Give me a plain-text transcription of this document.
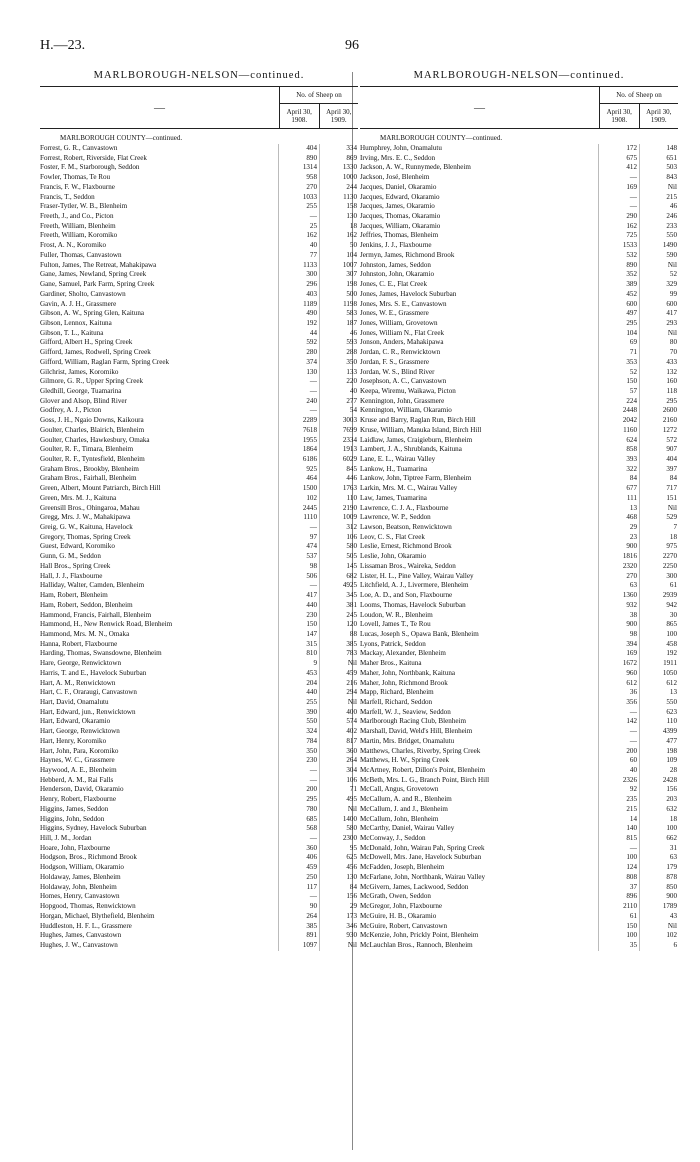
H.—23.	96
MARLBOROUGH-NELSON—continued.
—
No. of Sheep on
April 30, 1908.
April 30, 1909.
MARLBOROUGH COUNTY—continued.
Forrest, G. R., Canvastown	404	334
Forrest, Robert, Riverside, Flat Creek	890	869
Foster, F. M., Starborough, Seddon	1314	1330
Fowler, Thomas, Te Rou	958	1000
Francis, F. W., Flaxbourne	270	244
Francis, T., Seddon	1033	1130
Fraser-Tytler, W. B., Blenheim	255	158
Freeth, J., and Co., Picton	—	130
Freeth, William, Blenheim	25	18
Freeth, William, Koromiko	162	162
Frost, A. N., Koromiko	40	50
Fuller, Thomas, Canvastown	77	104
Fulton, James, The Retreat, Mahakipawa	1133	1007
Gane, James, Newland, Spring Creek	300	307
Gane, Samuel, Park Farm, Spring Creek	296	198
Gardiner, Sholto, Canvastown	403	500
Gavin, A. J. H., Grassmere	1189	1198
Gibson, A. W., Spring Glen, Kaituna	490	583
Gibson, Lennox, Kaituna	192	187
Gibson, T. L., Kaituna	44	46
Gifford, Albert H., Spring Creek	592	593
Gifford, James, Rodwell, Spring Creek	280	288
Gifford, William, Raglan Farm, Spring Creek	374	350
Gilchrist, James, Koromiko	130	133
Gilmore, G. R., Upper Spring Creek	—	220
Gledhill, George, Tuamarina	—	40
Glover and Alsop, Blind River	240	277
Godfrey, A. J., Picton	—	54
Goss, J. H., Ngaio Downs, Kaikoura	2289	3003
Goulter, Charles, Blairich, Blenheim	7618	7699
Goulter, Charles, Hawkesbury, Omaka	1955	2334
Goulter, R. F., Timara, Blenheim	1864	1913
Goulter, R. F., Tyntesfield, Blenheim	6186	6029
Graham Bros., Brookby, Blenheim	925	845
Graham Bros., Fairhall, Blenheim	464	446
Green, Albert, Mount Patriarch, Birch Hill	1500	1763
Green, Mrs. M. J., Kaituna	102	110
Greensill Bros., Ohingaroa, Mahau	2445	2190
Gregg, Mrs. J. W., Mahakipawa	1110	1009
Greig, G. W., Kaituna, Havelock	—	312
Gregory, Thomas, Spring Creek	97	106
Guest, Edward, Koromiko	474	580
Gunn, G. M., Seddon	537	505
Hall Bros., Spring Creek	98	145
Hall, J. J., Flaxbourne	506	682
Halliday, Walter, Camden, Blenheim	—	4925
Ham, Robert, Blenheim	417	345
Ham, Robert, Seddon, Blenheim	440	381
Hammond, Francis, Fairhall, Blenheim	230	245
Hammond, H., New Renwick Road, Blenheim	150	120
Hammond, Mrs. M. N., Omaka	147	88
Hanna, Robert, Flaxbourne	315	385
Harding, Thomas, Swansdowne, Blenheim	810	783
Hare, George, Renwicktown	9	Nil
Harris, T. and E., Havelock Suburban	453	459
Hart, A. M., Renwicktown	204	216
Hart, C. F., Oraraugi, Canvastown	440	294
Hart, David, Onamalutu	255	Nil
Hart, Edward, jun., Renwicktown	390	400
Hart, Edward, Okaramio	550	574
Hart, George, Renwicktown	324	402
Hart, Henry, Koromiko	784	817
Hart, John, Para, Koromiko	350	360
Haynes, W. C., Grassmere	230	264
Haywood, A. E., Blenheim	—	304
Hebberd, A. M., Rai Falls	—	106
Henderson, David, Okaramio	200	71
Henry, Robert, Flaxbourne	295	495
Higgins, James, Seddon	780	Nil
Higgins, John, Seddon	685	1400
Higgins, Sydney, Havelock Suburban	568	580
Hill, J. M., Jordan	—	2300
Hoare, John, Flaxbourne	360	95
Hodgson, Bros., Richmond Brook	406	625
Hodgson, William, Okaramio	459	456
Holdaway, James, Blenheim	250	130
Holdaway, John, Blenheim	117	84
Homes, Henry, Canvastown	—	156
Hopgood, Thomas, Renwicktown	90	29
Horgan, Michael, Blythefield, Blenheim	264	173
Huddleston, H. F. L., Grassmere	385	346
Hughes, James, Canvastown	891	930
Hughes, J. W., Canvastown	1097	Nil
MARLBOROUGH-NELSON—continued.
—
No. of Sheep on
April 30, 1908.
April 30, 1909.
MARLBOROUGH COUNTY—continued.
Humphrey, John, Onamalutu	172	148
Irving, Mrs. E. C., Seddon	675	651
Jackson, A. W., Runnymede, Blenheim	412	503
Jackson, José, Blenheim	—	843
Jacques, Daniel, Okaramio	169	Nil
Jacques, Edward, Okaramio	—	215
Jacques, James, Okaramio	—	46
Jacques, Thomas, Okaramio	290	246
Jacques, William, Okaramio	162	233
Jeffries, Thomas, Blenheim	725	550
Jenkins, J. J., Flaxbourne	1533	1490
Jermyn, James, Richmond Brook	532	590
Johnston, James, Seddon	890	Nil
Johnston, John, Okaramio	352	52
Jones, C. E., Flat Creek	389	329
Jones, James, Havelock Suburban	452	99
Jones, Mrs. S. E., Canvastown	600	600
Jones, W. E., Grassmere	497	417
Jones, William, Grovetown	295	293
Jones, William N., Flat Creek	104	Nil
Jonson, Anders, Mahakipawa	69	80
Jordan, C. R., Renwicktown	71	70
Jordan, F. S., Grassmere	353	433
Jordan, W. S., Blind River	52	132
Josephson, A. C., Canvastown	150	160
Keepa, Wiremu, Waikawa, Picton	57	118
Kennington, John, Grassmere	224	295
Kennington, William, Okaramio	2448	2600
Kruse and Barry, Raglan Run, Birch Hill	2042	2160
Kruse, William, Manuka Island, Birch Hill	1160	1272
Laidlaw, James, Craigieburn, Blenheim	624	572
Lambert, J. A., Shrublands, Kaituna	858	907
Lane, E. L., Wairau Valley	393	404
Lankow, H., Tuamarina	322	397
Lankow, John, Tiptree Farm, Blenheim	84	84
Larkin, Mrs. M. C., Wairau Valley	677	717
Law, James, Tuamarina	111	151
Lawrence, C. J. A., Flaxbourne	13	Nil
Lawrence, W. P., Seddon	468	529
Lawson, Beatson, Renwicktown	29	7
Leov, C. S., Flat Creek	23	18
Leslie, Ernest, Richmond Brook	900	975
Leslie, John, Okaramio	1816	2270
Lissaman Bros., Waireka, Seddon	2320	2250
Lister, H. L., Pine Valley, Wairau Valley	270	300
Litchfield, A. J., Livermere, Blenheim	63	61
Loe, A. D., and Son, Flaxbourne	1360	2939
Looms, Thomas, Havelock Suburban	932	942
Loudon, W. R., Blenheim	38	30
Lovell, James T., Te Rou	900	865
Lucas, Joseph S., Opawa Bank, Blenheim	98	100
Lyons, Patrick, Seddon	394	458
Mackay, Alexander, Blenheim	169	192
Maher Bros., Kaituna	1672	1911
Maher, John, Northbank, Kaituna	960	1050
Maher, John, Richmond Brook	612	612
Mapp, Richard, Blenheim	36	13
Marfell, Richard, Seddon	356	550
Marfell, W. J., Seaview, Seddon	—	623
Marlborough Racing Club, Blenheim	142	110
Marshall, David, Weld's Hill, Blenheim	—	4399
Martin, Mrs. Bridget, Onamalutu	—	477
Matthews, Charles, Riverby, Spring Creek	200	198
Matthews, H. W., Spring Creek	60	109
McArtney, Robert, Dillon's Point, Blenheim	40	28
McBeth, Mrs. L. G., Branch Point, Birch Hill	2326	2428
McCall, Angus, Grovetown	92	156
McCallum, A. and R., Blenheim	235	203
McCallum, J. and J., Blenheim	215	632
McCallum, John, Blenheim	14	18
McCarthy, Daniel, Wairau Valley	140	100
McConway, J., Seddon	815	662
McDonald, John, Wairau Pah, Spring Creek	—	31
McDowell, Mrs. Jane, Havelock Suburban	100	63
McFadden, Joseph, Blenheim	124	179
McFarlane, John, Northbank, Wairau Valley	808	878
McGivern, James, Lackwood, Seddon	37	850
McGrath, Owen, Seddon	896	900
McGregor, John, Flaxbourne	2110	1789
McGuire, H. B., Okaramio	61	43
McGuire, Robert, Canvastown	150	Nil
McKenzie, John, Prickly Point, Blenheim	100	102
McLauchlan Bros., Rannoch, Blenheim	35	6
